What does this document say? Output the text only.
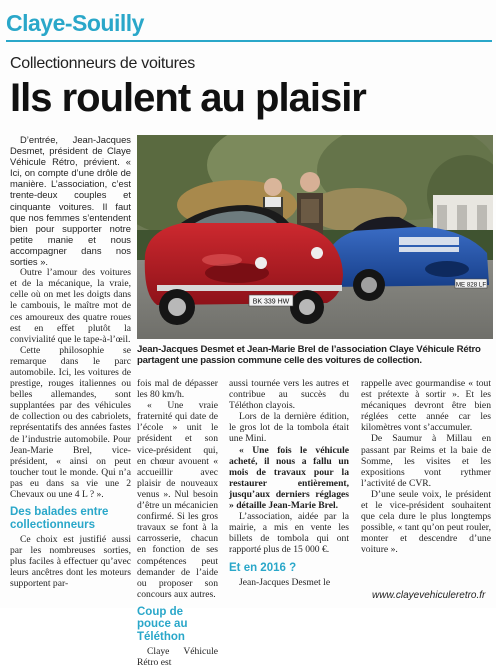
Claye-Souilly
Collectionneurs de voitures
Ils roulent au plaisir

D’entrée, Jean-Jacques Desmet, président de Claye Véhicule Rétro, prévient. « Ici, on compte d’une drôle de manière. L’association, c’est trente-deux couples et cinquante voitures. Il faut que nos femmes s’entendent bien pour supporter notre petite manie et nous accompagner dans nos sorties ».

Outre l’amour des voitures et de la mécanique, la vraie, celle où on met les doigts dans le cambouis, le maître mot de ces amoureux des quatre roues est en effet plutôt la convivialité que le tape-à-l’œil.

Cette philosophie se remarque dans le parc automobile. Ici, les voitures de prestige, rouges italiennes ou belles allemandes, sont supplantées par des véhicules de collection ou des cabriolets, représentatifs des années fastes de l’industrie automobile. Pour Jean-Marie Brel, vice-président, « ainsi on peut toucher tout le monde. Qui n’a pas eu dans sa vie une 2 Chevaux ou une 4 L ? ».

Des balades entre collectionneurs

Ce choix est justifié aussi par les nombreuses sorties, plus faciles à effectuer qu’avec leurs ancêtres dont les moteurs supportent par-

ME 828 LF
BK 339 HW
Jean-Jacques Desmet et Jean-Marie Brel de l’association Claye Véhicule Rétro partagent une passion commune celle des voitures de collection.

fois mal de dépasser les 80 km/h.

« Une vraie fraternité qui date de l’école » unit le président et son vice-président qui, en chœur avouent « accueillir avec plaisir de nouveaux venus ». Nul besoin d’être un mécanicien confirmé. Si les gros travaux se font à la carrosserie, chacun en fonction de ses compétences peut demander de l’aide ou proposer son concours aux autres.

Coup de pouce au Téléthon

Claye Véhicule Rétro est

aussi tournée vers les autres et contribue au succès du Téléthon clayois.

Lors de la dernière édition, le gros lot de la tombola était une Mini.

« Une fois le véhicule acheté, il nous a fallu un mois de travaux pour la restaurer entièrement, jusqu’aux derniers réglages » détaille Jean-Marie Brel.

L’association, aidée par la mairie, a mis en vente les billets de tombola qui ont rapporté plus de 15 000 €.

Et en 2016 ?

Jean-Jacques Desmet le

rappelle avec gourmandise « tout est prétexte à sortir ». Et les mécaniques devront être bien réglées cette année car les kilomètres vont s’accumuler.

De Saumur à Millau en passant par Reims et la baie de Somme, les visites et les expositions vont rythmer l’activité de CVR.

D’une seule voix, le président et le vice-président souhaitent que cela dure le plus longtemps possible, « tant qu’on peut rouler, monter et descendre d’une voiture ».

www.clayevehiculeretro.fr
